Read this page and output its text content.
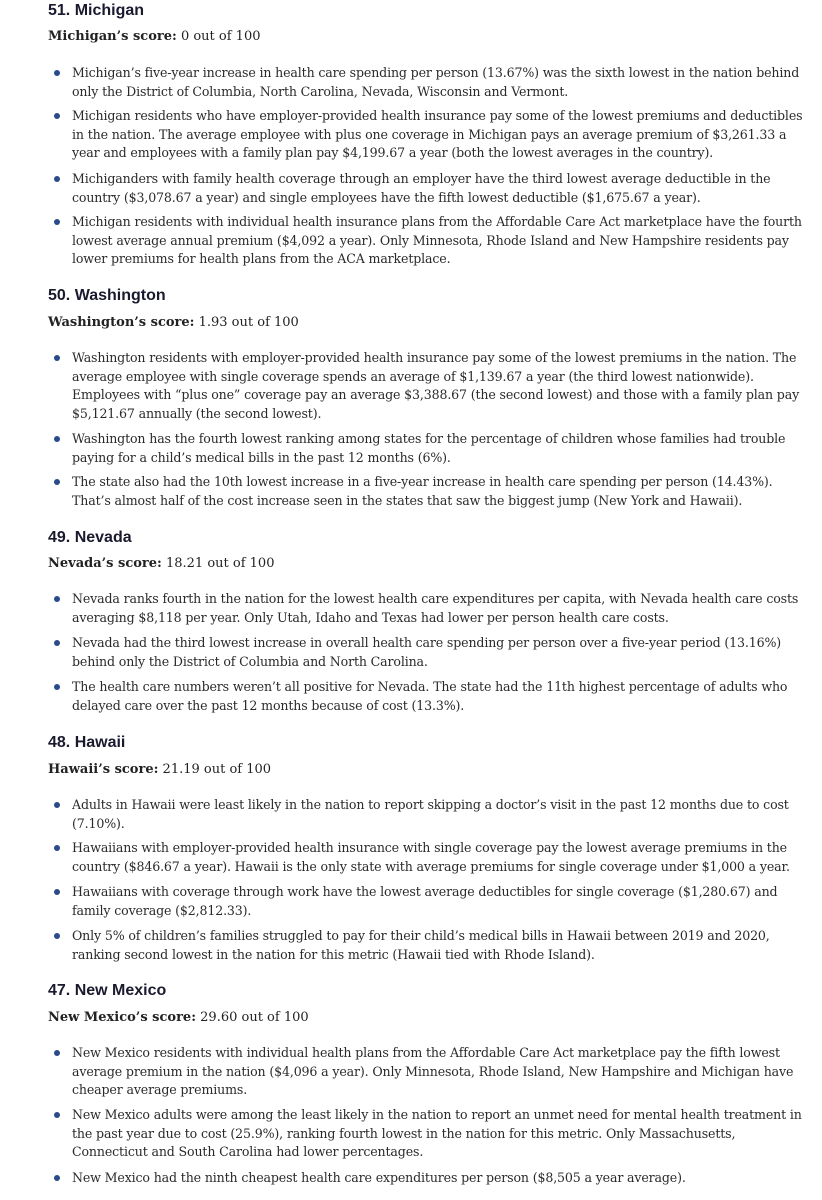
51. Michigan

Michigan’s score: 0 out of 100

Michigan’s five-year increase in health care spending per person (13.67%) was the sixth lowest in the nation behind only the District of Columbia, North Carolina, Nevada, Wisconsin and Vermont.
Michigan residents who have employer-provided health insurance pay some of the lowest premiums and deductibles in the nation. The average employee with plus one coverage in Michigan pays an average premium of $3,261.33 a year and employees with a family plan pay $4,199.67 a year (both the lowest averages in the country).
Michiganders with family health coverage through an employer have the third lowest average deductible in the country ($3,078.67 a year) and single employees have the fifth lowest deductible ($1,675.67 a year).
Michigan residents with individual health insurance plans from the Affordable Care Act marketplace have the fourth lowest average annual premium ($4,092 a year). Only Minnesota, Rhode Island and New Hampshire residents pay lower premiums for health plans from the ACA marketplace.
50. Washington

Washington’s score: 1.93 out of 100

Washington residents with employer-provided health insurance pay some of the lowest premiums in the nation. The average employee with single coverage spends an average of $1,139.67 a year (the third lowest nationwide). Employees with “plus one” coverage pay an average $3,388.67 (the second lowest) and those with a family plan pay $5,121.67 annually (the second lowest).
Washington has the fourth lowest ranking among states for the percentage of children whose families had trouble paying for a child’s medical bills in the past 12 months (6%).
The state also had the 10th lowest increase in a five-year increase in health care spending per person (14.43%). That’s almost half of the cost increase seen in the states that saw the biggest jump (New York and Hawaii).
49. Nevada

Nevada’s score: 18.21 out of 100

Nevada ranks fourth in the nation for the lowest health care expenditures per capita, with Nevada health care costs averaging $8,118 per year. Only Utah, Idaho and Texas had lower per person health care costs.
Nevada had the third lowest increase in overall health care spending per person over a five-year period (13.16%) behind only the District of Columbia and North Carolina.
The health care numbers weren’t all positive for Nevada. The state had the 11th highest percentage of adults who delayed care over the past 12 months because of cost (13.3%).
48. Hawaii

Hawaii’s score: 21.19 out of 100

Adults in Hawaii were least likely in the nation to report skipping a doctor’s visit in the past 12 months due to cost (7.10%).
Hawaiians with employer-provided health insurance with single coverage pay the lowest average premiums in the country ($846.67 a year). Hawaii is the only state with average premiums for single coverage under $1,000 a year.
Hawaiians with coverage through work have the lowest average deductibles for single coverage ($1,280.67) and family coverage ($2,812.33).
Only 5% of children’s families struggled to pay for their child’s medical bills in Hawaii between 2019 and 2020, ranking second lowest in the nation for this metric (Hawaii tied with Rhode Island).
47. New Mexico

New Mexico’s score: 29.60 out of 100

New Mexico residents with individual health plans from the Affordable Care Act marketplace pay the fifth lowest average premium in the nation ($4,096 a year). Only Minnesota, Rhode Island, New Hampshire and Michigan have cheaper average premiums.
New Mexico adults were among the least likely in the nation to report an unmet need for mental health treatment in the past year due to cost (25.9%), ranking fourth lowest in the nation for this metric. Only Massachusetts, Connecticut and South Carolina had lower percentages.
New Mexico had the ninth cheapest health care expenditures per person ($8,505 a year average).
